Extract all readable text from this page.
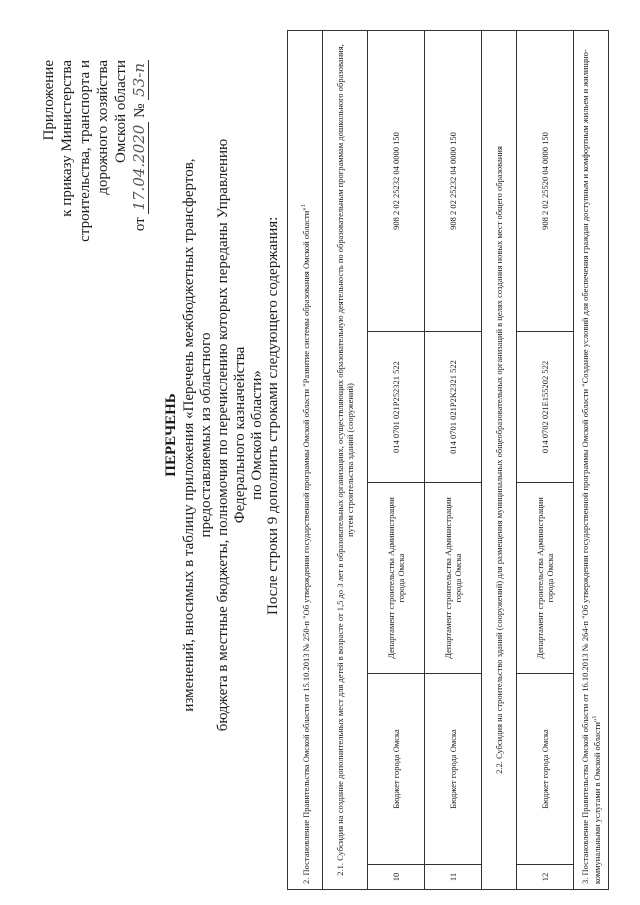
Приложение к приказу Министерства строительства, транспорта и дорожного хозяйства Омской области
от 17.04.2020 № 53-п
ПЕРЕЧЕНЬ изменений, вносимых в таблицу приложения «Перечень межбюджетных трансфертов, предоставляемых из областного бюджета в местные бюджеты, полномочия по перечислению которых переданы Управлению Федерального казначейства по Омской области» После строки 9 дополнить строками следующего содержания: 2. Постановление Правительства Омской области от 15.10.2013 № 250-п "Об утверждении государственной программы Омской области "Развитие системы образования Омской области"$^1$
2.1. Субсидия на создание дополнительных мест для детей в возрасте от 1,5 до 3 лет в образовательных организациях, осуществляющих образовательную деятельность по образовательным программам дошкольного образования, путем строительства зданий (сооружений)				
10	Бюджет города Омска	Департамент строительства Администрации города Омска	014 0701 021P252321 522	908 2 02 25232 04 0000 150
11	Бюджет города Омска	Департамент строительства Администрации города Омска	014 0701 021P2K2321 522	908 2 02 25232 04 0000 150
2.2. Субсидия на строительство зданий (сооружений) для размещения муниципальных общеобразовательных организаций в целях создания новых мест общего образования				
12	Бюджет города Омска	Департамент строительства Администрации города Омска	014 0702 021E155202 522	908 2 02 25520 04 0000 150
3. Постановление Правительства Омской области от 16.10.2013 № 264-п "Об утверждении государственной программы Омской области "Создание условий для обеспечения граждан доступным и комфортным жильем и жилищно-коммунальными услугами в Омской области"$^1$
